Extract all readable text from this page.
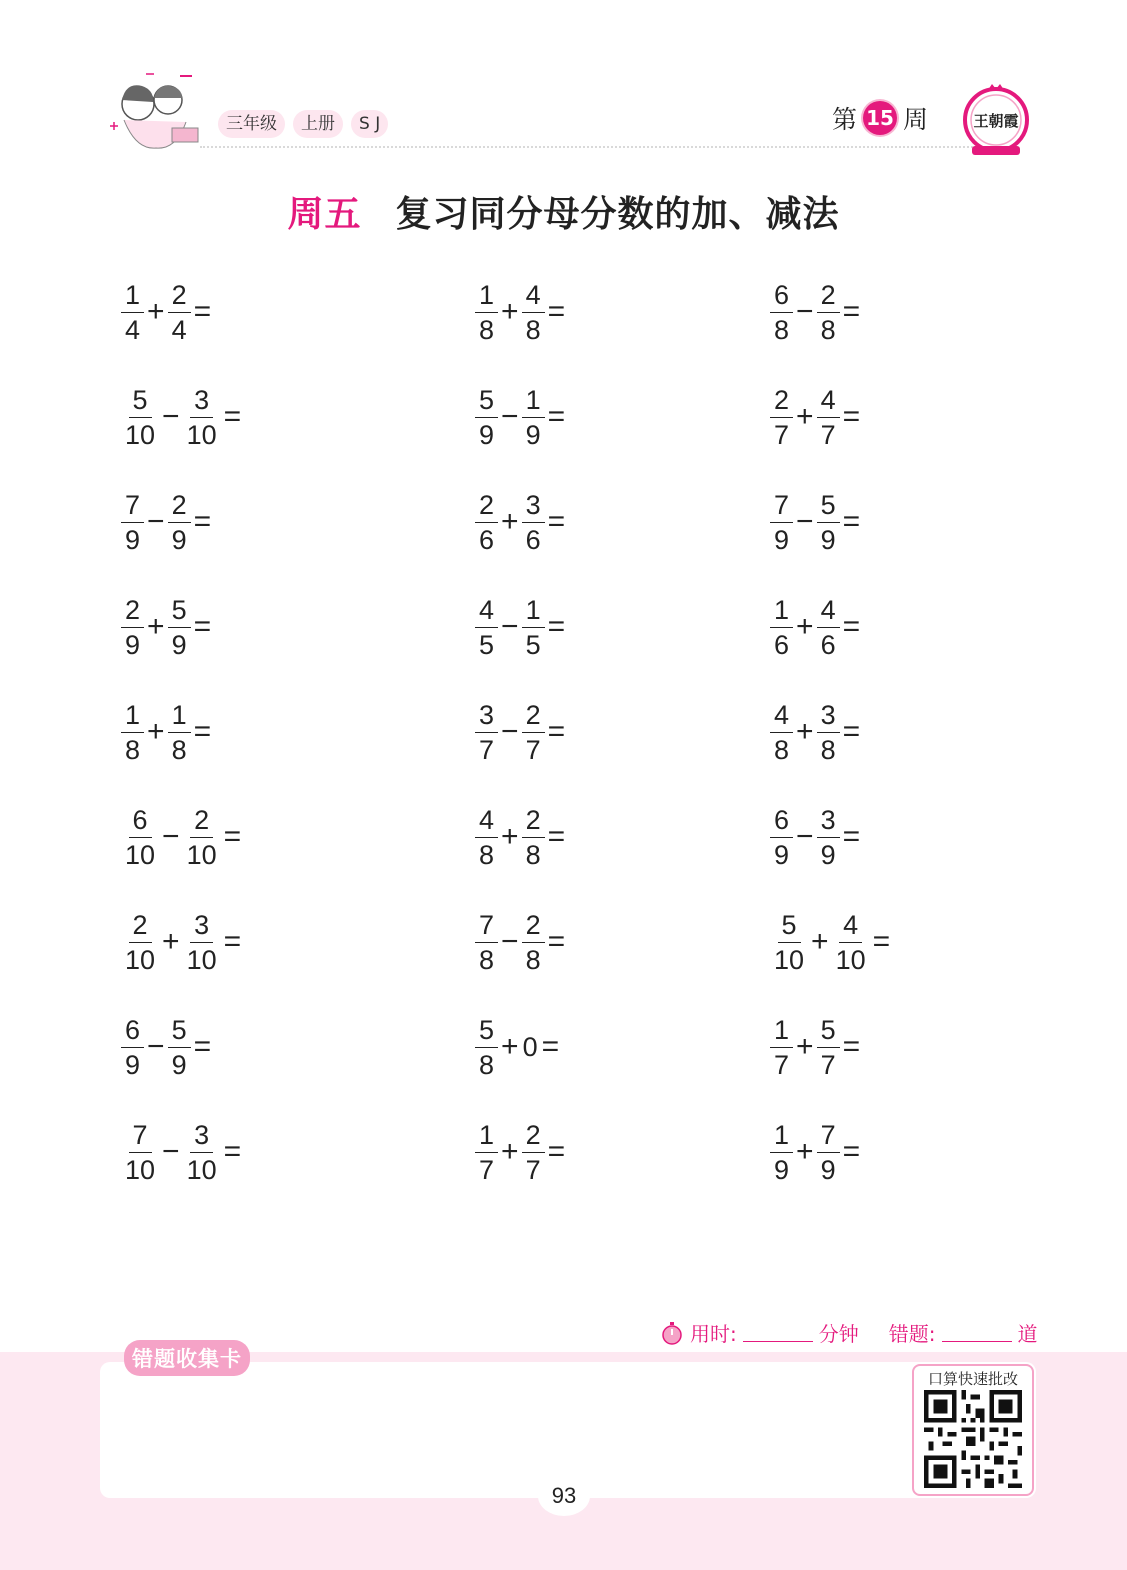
三年级	上册	S J	第 15 周	王朝霞
周五 复习同分母分数的加、减法
$\frac{1}{4} + \frac{2}{4}$ =	$\frac{1}{8} + \frac{4}{8}$ =	$\frac{6}{8} - \frac{2}{8}$ =
$\frac{5}{10} - \frac{3}{10}$ =	$\frac{5}{9} - \frac{1}{9}$ =	$\frac{2}{7} + \frac{4}{7}$ =
$\frac{7}{9} - \frac{2}{9}$ =	$\frac{2}{6} + \frac{3}{6}$ =	$\frac{7}{9} - \frac{5}{9}$ =
$\frac{2}{9} + \frac{5}{9}$ =	$\frac{4}{5} - \frac{1}{5}$ =	$\frac{1}{6} + \frac{4}{6}$ =
$\frac{1}{8} + \frac{1}{8}$ =	$\frac{3}{7} - \frac{2}{7}$ =	$\frac{4}{8} + \frac{3}{8}$ =
$\frac{6}{10} - \frac{2}{10}$ =	$\frac{4}{8} + \frac{2}{8}$ =	$\frac{6}{9} - \frac{3}{9}$ =
$\frac{2}{10} + \frac{3}{10}$ =	$\frac{7}{8} - \frac{2}{8}$ =	$\frac{5}{10} + \frac{4}{10}$ =
$\frac{6}{9} - \frac{5}{9}$ =	$\frac{5}{8} + 0$ =	$\frac{1}{7} + \frac{5}{7}$ =
$\frac{7}{10} - \frac{3}{10}$ =	$\frac{1}{7} + \frac{2}{7}$ =	$\frac{1}{9} + \frac{7}{9}$ =
用时:	分钟 错题:	道
错题收集卡
口算快速批改
93
